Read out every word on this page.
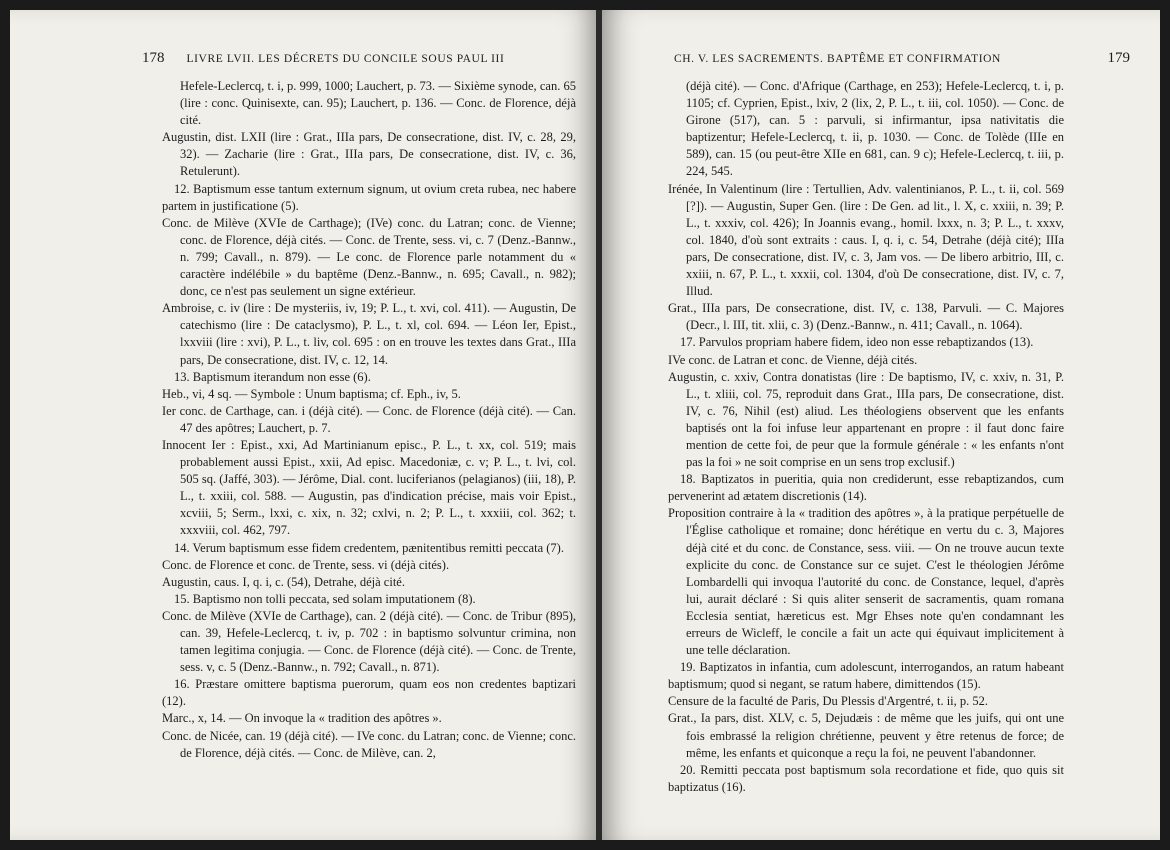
178 LIVRE LVII. LES DÉCRETS DU CONCILE SOUS PAUL III

Hefele-Leclercq, t. i, p. 999, 1000; Lauchert, p. 73. — Sixième synode, can. 65 (lire : conc. Quinisexte, can. 95); Lauchert, p. 136. — Conc. de Florence, déjà cité.

Augustin, dist. LXII (lire : Grat., IIIa pars, De consecratione, dist. IV, c. 28, 29, 32). — Zacharie (lire : Grat., IIIa pars, De consecratione, dist. IV, c. 36, Retulerunt).

12. Baptismum esse tantum externum signum, ut ovium creta rubea, nec habere partem in justificatione (5).

Conc. de Milève (XVIe de Carthage); (IVe) conc. du Latran; conc. de Vienne; conc. de Florence, déjà cités. — Conc. de Trente, sess. vi, c. 7 (Denz.-Bannw., n. 799; Cavall., n. 879). — Le conc. de Florence parle notamment du « caractère indélébile » du baptême (Denz.-Bannw., n. 695; Cavall., n. 982); donc, ce n'est pas seulement un signe extérieur.

Ambroise, c. iv (lire : De mysteriis, iv, 19; P. L., t. xvi, col. 411). — Augustin, De catechismo (lire : De cataclysmo), P. L., t. xl, col. 694. — Léon Ier, Epist., lxxviii (lire : xvi), P. L., t. liv, col. 695 : on en trouve les textes dans Grat., IIIa pars, De consecratione, dist. IV, c. 12, 14.

13. Baptismum iterandum non esse (6).

Heb., vi, 4 sq. — Symbole : Unum baptisma; cf. Eph., iv, 5.

Ier conc. de Carthage, can. i (déjà cité). — Conc. de Florence (déjà cité). — Can. 47 des apôtres; Lauchert, p. 7.

Innocent Ier : Epist., xxi, Ad Martinianum episc., P. L., t. xx, col. 519; mais probablement aussi Epist., xxii, Ad episc. Macedoniæ, c. v; P. L., t. lvi, col. 505 sq. (Jaffé, 303). — Jérôme, Dial. cont. luciferianos (pelagianos) (iii, 18), P. L., t. xxiii, col. 588. — Augustin, pas d'indication précise, mais voir Epist., xcviii, 5; Serm., lxxi, c. xix, n. 32; cxlvi, n. 2; P. L., t. xxxiii, col. 362; t. xxxviii, col. 462, 797.

14. Verum baptismum esse fidem credentem, pænitentibus remitti peccata (7).

Conc. de Florence et conc. de Trente, sess. vi (déjà cités).

Augustin, caus. I, q. i, c. (54), Detrahe, déjà cité.

15. Baptismo non tolli peccata, sed solam imputationem (8).

Conc. de Milève (XVIe de Carthage), can. 2 (déjà cité). — Conc. de Tribur (895), can. 39, Hefele-Leclercq, t. iv, p. 702 : in baptismo solvuntur crimina, non tamen legitima conjugia. — Conc. de Florence (déjà cité). — Conc. de Trente, sess. v, c. 5 (Denz.-Bannw., n. 792; Cavall., n. 871).

16. Præstare omittere baptisma puerorum, quam eos non credentes baptizari (12).

Marc., x, 14. — On invoque la « tradition des apôtres ».

Conc. de Nicée, can. 19 (déjà cité). — IVe conc. du Latran; conc. de Vienne; conc. de Florence, déjà cités. — Conc. de Milève, can. 2,

CH. V. LES SACREMENTS. BAPTÊME ET CONFIRMATION	179

(déjà cité). — Conc. d'Afrique (Carthage, en 253); Hefele-Leclercq, t. i, p. 1105; cf. Cyprien, Epist., lxiv, 2 (lix, 2, P. L., t. iii, col. 1050). — Conc. de Girone (517), can. 5 : parvuli, si infirmantur, ipsa nativitatis die baptizentur; Hefele-Leclercq, t. ii, p. 1030. — Conc. de Tolède (IIIe en 589), can. 15 (ou peut-être XIIe en 681, can. 9 c); Hefele-Leclercq, t. iii, p. 224, 545.

Irénée, In Valentinum (lire : Tertullien, Adv. valentinianos, P. L., t. ii, col. 569 [?]). — Augustin, Super Gen. (lire : De Gen. ad lit., l. X, c. xxiii, n. 39; P. L., t. xxxiv, col. 426); In Joannis evang., homil. lxxx, n. 3; P. L., t. xxxv, col. 1840, d'où sont extraits : caus. I, q. i, c. 54, Detrahe (déjà cité); IIIa pars, De consecratione, dist. IV, c. 3, Jam vos. — De libero arbitrio, III, c. xxiii, n. 67, P. L., t. xxxii, col. 1304, d'où De consecratione, dist. IV, c. 7, Illud.

Grat., IIIa pars, De consecratione, dist. IV, c. 138, Parvuli. — C. Majores (Decr., l. III, tit. xlii, c. 3) (Denz.-Bannw., n. 411; Cavall., n. 1064).

17. Parvulos propriam habere fidem, ideo non esse rebaptizandos (13).

IVe conc. de Latran et conc. de Vienne, déjà cités.

Augustin, c. xxiv, Contra donatistas (lire : De baptismo, IV, c. xxiv, n. 31, P. L., t. xliii, col. 75, reproduit dans Grat., IIIa pars, De consecratione, dist. IV, c. 76, Nihil (est) aliud. Les théologiens observent que les enfants baptisés ont la foi infuse leur appartenant en propre : il faut donc faire mention de cette foi, de peur que la formule générale : « les enfants n'ont pas la foi » ne soit comprise en un sens trop exclusif.)

18. Baptizatos in pueritia, quia non crediderunt, esse rebaptizandos, cum pervenerint ad ætatem discretionis (14).

Proposition contraire à la « tradition des apôtres », à la pratique perpétuelle de l'Église catholique et romaine; donc hérétique en vertu du c. 3, Majores déjà cité et du conc. de Constance, sess. viii. — On ne trouve aucun texte explicite du conc. de Constance sur ce sujet. C'est le théologien Jérôme Lombardelli qui invoqua l'autorité du conc. de Constance, lequel, d'après lui, aurait déclaré : Si quis aliter senserit de sacramentis, quam romana Ecclesia sentiat, hæreticus est. Mgr Ehses note qu'en condamnant les erreurs de Wicleff, le concile a fait un acte qui équivaut implicitement à une telle déclaration.

19. Baptizatos in infantia, cum adolescunt, interrogandos, an ratum habeant baptismum; quod si negant, se ratum habere, dimittendos (15).

Censure de la faculté de Paris, Du Plessis d'Argentré, t. ii, p. 52.

Grat., Ia pars, dist. XLV, c. 5, Dejudæis : de même que les juifs, qui ont une fois embrassé la religion chrétienne, peuvent y être retenus de force; de même, les enfants et quiconque a reçu la foi, ne peuvent l'abandonner.

20. Remitti peccata post baptismum sola recordatione et fide, quo quis sit baptizatus (16).
